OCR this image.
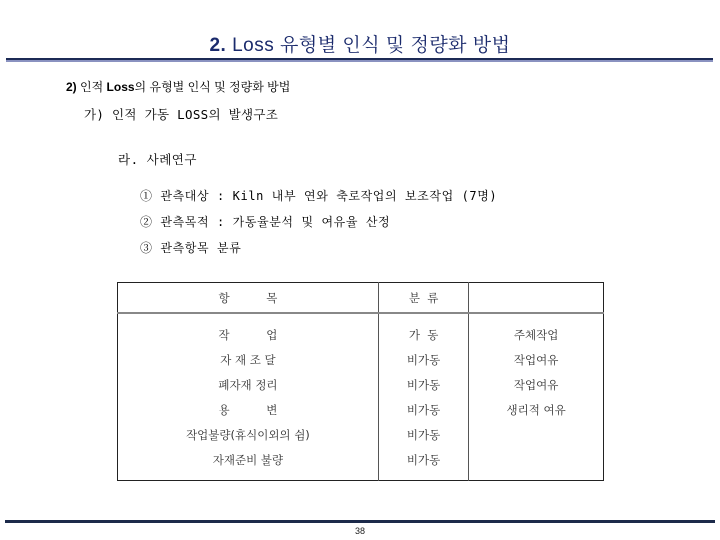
2. Loss 유형별 인식 및 정량화 방법
2) 인적 Loss의 유형별 인식 및 정량화 방법
가) 인적 가동 LOSS의 발생구조
라. 사례연구
① 관측대상 : Kiln 내부 연와 축로작업의 보조작업 (7명)
② 관측목적 : 가동율분석 및 여유율 산정
③ 관측항목 분류
항          목	분  류	
작          업	가  동	주체작업
자 재 조 달	비가동	작업여유
폐자재 정리	비가동	작업여유
용          변	비가동	생리적 여유
작업불량(휴식이외의 쉼)	비가동	
자재준비 불량	비가동	
38
